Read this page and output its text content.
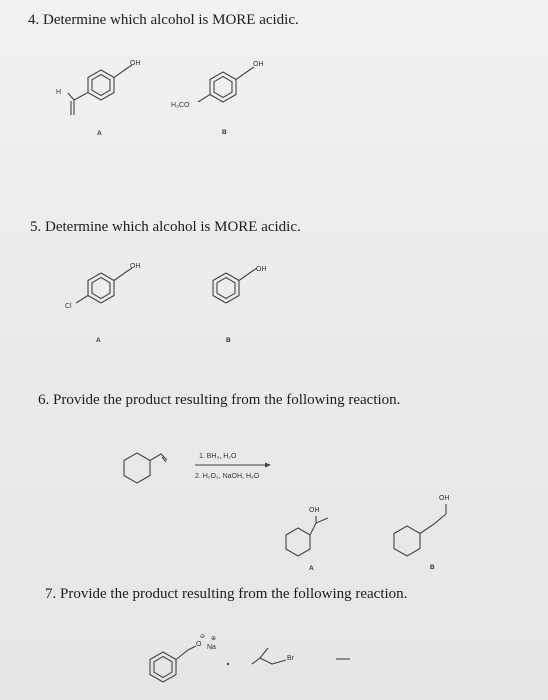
4. Determine which alcohol is MORE acidic.
OH
H
A
OH
H₃CO
B
5. Determine which alcohol is MORE acidic.
OH
Cl
A
OH
B
6. Provide the product resulting from the following reaction.
1. BH₃, H₂O
2. H₂O₂, NaOH, H₂O
OH
A
OH
B
7. Provide the product resulting from the following reaction.
O
⊖
Na
⊕
Br
